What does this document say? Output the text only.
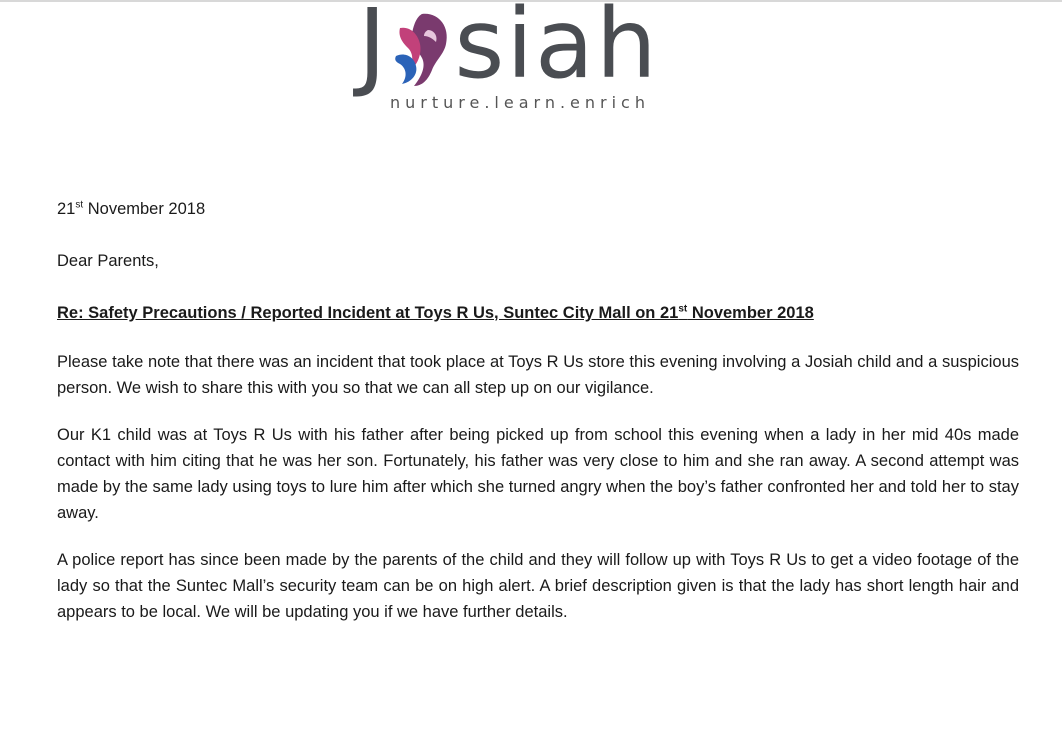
J siah
nurture.learn.enrich
21st November 2018
Dear Parents,
Re: Safety Precautions / Reported Incident at Toys R Us, Suntec City Mall on 21st November 2018

Please take note that there was an incident that took place at Toys R Us store this evening involving a Josiah child and a suspicious person. We wish to share this with you so that we can all step up on our vigilance.

Our K1 child was at Toys R Us with his father after being picked up from school this evening when a lady in her mid 40s made contact with him citing that he was her son. Fortunately, his father was very close to him and she ran away. A second attempt was made by the same lady using toys to lure him after which she turned angry when the boy’s father confronted her and told her to stay away.

A police report has since been made by the parents of the child and they will follow up with Toys R Us to get a video footage of the lady so that the Suntec Mall’s security team can be on high alert. A brief description given is that the lady has short length hair and appears to be local. We will be updating you if we have further details.
